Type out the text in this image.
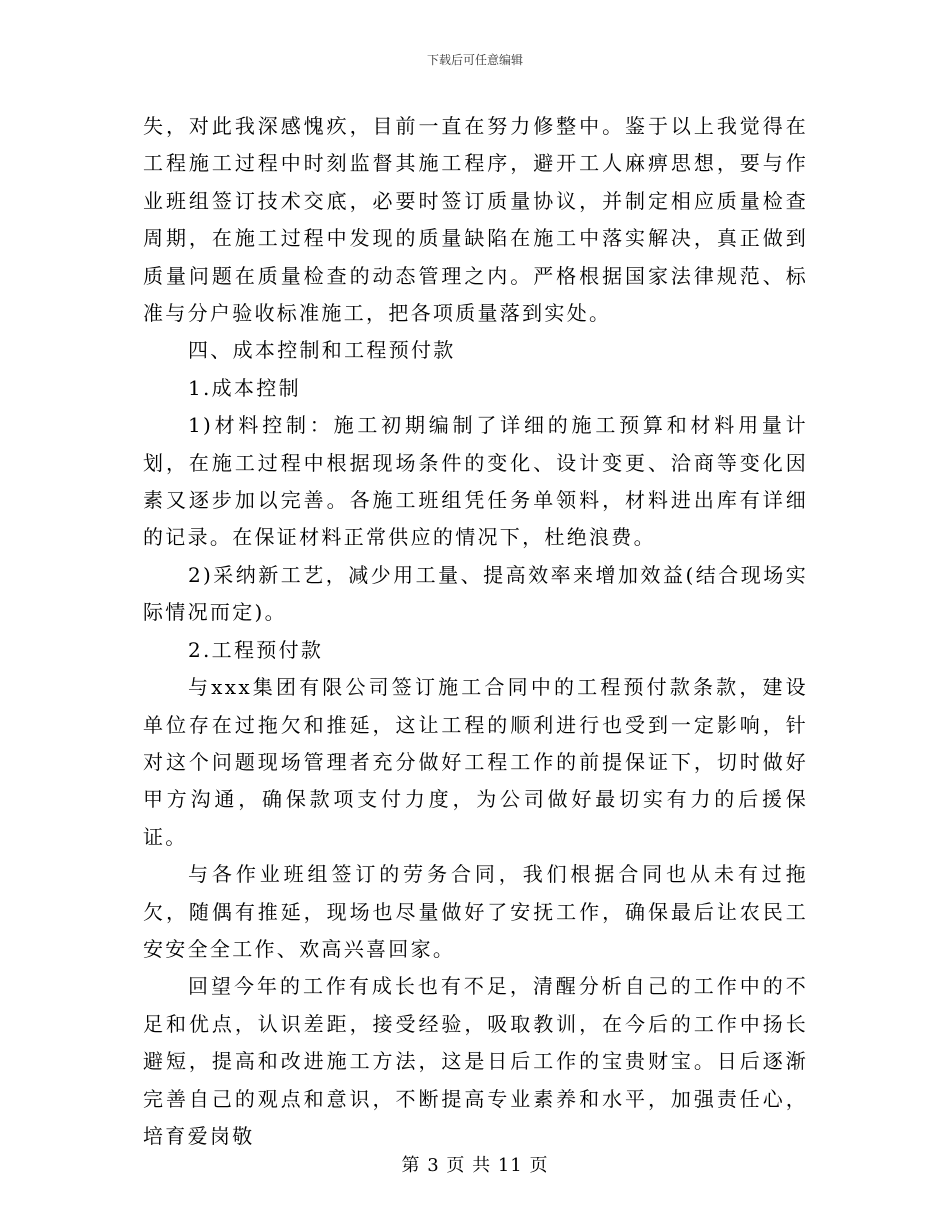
下载后可任意编辑

失，对此我深感愧疚，目前一直在努力修整中。鉴于以上我觉得在工程施工过程中时刻监督其施工程序，避开工人麻痹思想，要与作业班组签订技术交底，必要时签订质量协议，并制定相应质量检查周期，在施工过程中发现的质量缺陷在施工中落实解决，真正做到质量问题在质量检查的动态管理之内。严格根据国家法律规范、标准与分户验收标准施工，把各项质量落到实处。

四、成本控制和工程预付款

1.成本控制

1)材料控制：施工初期编制了详细的施工预算和材料用量计划，在施工过程中根据现场条件的变化、设计变更、洽商等变化因素又逐步加以完善。各施工班组凭任务单领料，材料进出库有详细的记录。在保证材料正常供应的情况下，杜绝浪费。

2)采纳新工艺，减少用工量、提高效率来增加效益(结合现场实际情况而定)。

2.工程预付款

与xxx集团有限公司签订施工合同中的工程预付款条款，建设单位存在过拖欠和推延，这让工程的顺利进行也受到一定影响，针对这个问题现场管理者充分做好工程工作的前提保证下，切时做好甲方沟通，确保款项支付力度，为公司做好最切实有力的后援保证。

与各作业班组签订的劳务合同，我们根据合同也从未有过拖欠，随偶有推延，现场也尽量做好了安抚工作，确保最后让农民工安安全全工作、欢高兴喜回家。

回望今年的工作有成长也有不足，清醒分析自己的工作中的不足和优点，认识差距，接受经验，吸取教训，在今后的工作中扬长避短，提高和改进施工方法，这是日后工作的宝贵财宝。日后逐渐完善自己的观点和意识，不断提高专业素养和水平，加强责任心，培育爱岗敬

第 3 页 共 11 页
